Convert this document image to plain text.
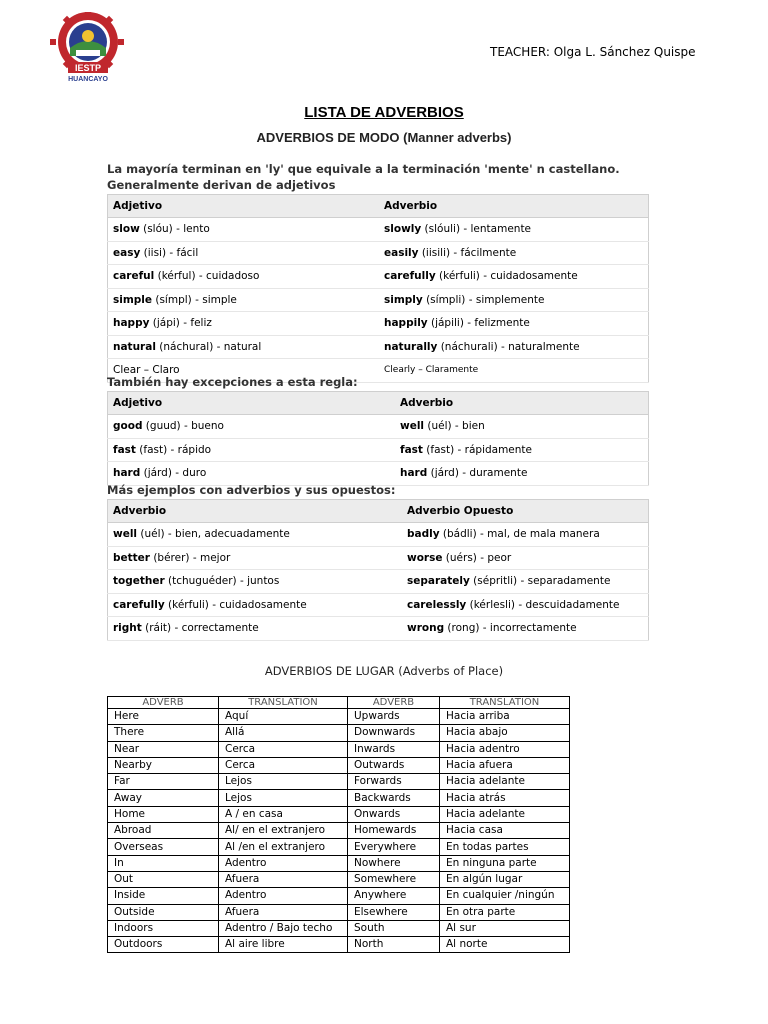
IESTP
HUANCAYO
TEACHER: Olga L. Sánchez Quispe
LISTA DE ADVERBIOS
ADVERBIOS DE MODO (Manner adverbs)
La mayoría terminan en 'ly' que equivale a la terminación 'mente' n castellano. Generalmente derivan de adjetivos
Adjetivo	Adverbio
slow (slóu) - lento	slowly (slóuli) - lentamente
easy (iisi) - fácil	easily (iisili) - fácilmente
careful (kérful) - cuidadoso	carefully (kérfuli) - cuidadosamente
simple (símpl) - simple	simply (símpli) - simplemente
happy (jápi) - feliz	happily (jápili) - felizmente
natural (náchural) - natural	naturally (náchurali) - naturalmente
Clear – Claro	Clearly – Claramente
También hay excepciones a esta regla:
Adjetivo	Adverbio
good (guud) - bueno	well (uél) - bien
fast (fast) - rápido	fast (fast) - rápidamente
hard (járd) - duro	hard (járd) - duramente
Más ejemplos con adverbios y sus opuestos:
Adverbio	Adverbio Opuesto
well (uél) - bien, adecuadamente	badly (bádli) - mal, de mala manera
better (bérer) - mejor	worse (uérs) - peor
together (tchuguéder) - juntos	separately (sépritli) - separadamente
carefully (kérfuli) - cuidadosamente	carelessly (kérlesli) - descuidadamente
right (ráit) - correctamente	wrong (rong) - incorrectamente
ADVERBIOS DE LUGAR (Adverbs of Place)
ADVERB	TRANSLATION	ADVERB	TRANSLATION
Here	Aquí	Upwards	Hacia arriba
There	Allá	Downwards	Hacia abajo
Near	Cerca	Inwards	Hacia adentro
Nearby	Cerca	Outwards	Hacia afuera
Far	Lejos	Forwards	Hacia adelante
Away	Lejos	Backwards	Hacia atrás
Home	A / en casa	Onwards	Hacia adelante
Abroad	Al/ en el extranjero	Homewards	Hacia casa
Overseas	Al /en el extranjero	Everywhere	En todas partes
In	Adentro	Nowhere	En ninguna parte
Out	Afuera	Somewhere	En algún lugar
Inside	Adentro	Anywhere	En cualquier /ningún
Outside	Afuera	Elsewhere	En otra parte
Indoors	Adentro / Bajo techo	South	Al sur
Outdoors	Al aire libre	North	Al norte
